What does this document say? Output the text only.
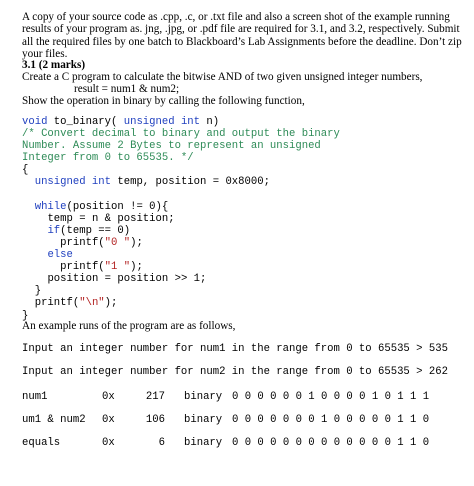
A copy of your source code as .cpp, .c, or .txt file and also a screen shot of the example running results of your program as. jng, .jpg, or .pdf file are required for 3.1, and 3.2, respectively. Submit all the required files by one batch to Blackboard’s Lab Assignments before the deadline. Don’t zip your files.
3.1 (2 marks)
Create a C program to calculate the bitwise AND of two given unsigned integer numbers,
result = num1 & num2;
Show the operation in binary by calling the following function,
void to_binary( unsigned int n)
/* Convert decimal to binary and output the binary
Number. Assume 2 Bytes to represent an unsigned
Integer from 0 to 65535. */
{
unsigned int temp, position = 0x8000;

while(position != 0){
temp = n & position;
if(temp == 0)
printf("0 ");
else
printf("1 ");
position = position >> 1;
}
printf("\n");
}
An example runs of the program are as follows,
Input an integer number for num1 in the range from 0 to 65535 > 535
Input an integer number for num2 in the range from 0 to 65535 > 262
num1	0x	217 binary 0 0 0 0 0 0 1 0 0 0 0 1 0 1 1 1
um1 & num2 0x	106 binary 0 0 0 0 0 0 0 1 0 0 0 0 0 1 1 0
equals	0x	6 binary 0 0 0 0 0 0 0 0 0 0 0 0 0 1 1 0
